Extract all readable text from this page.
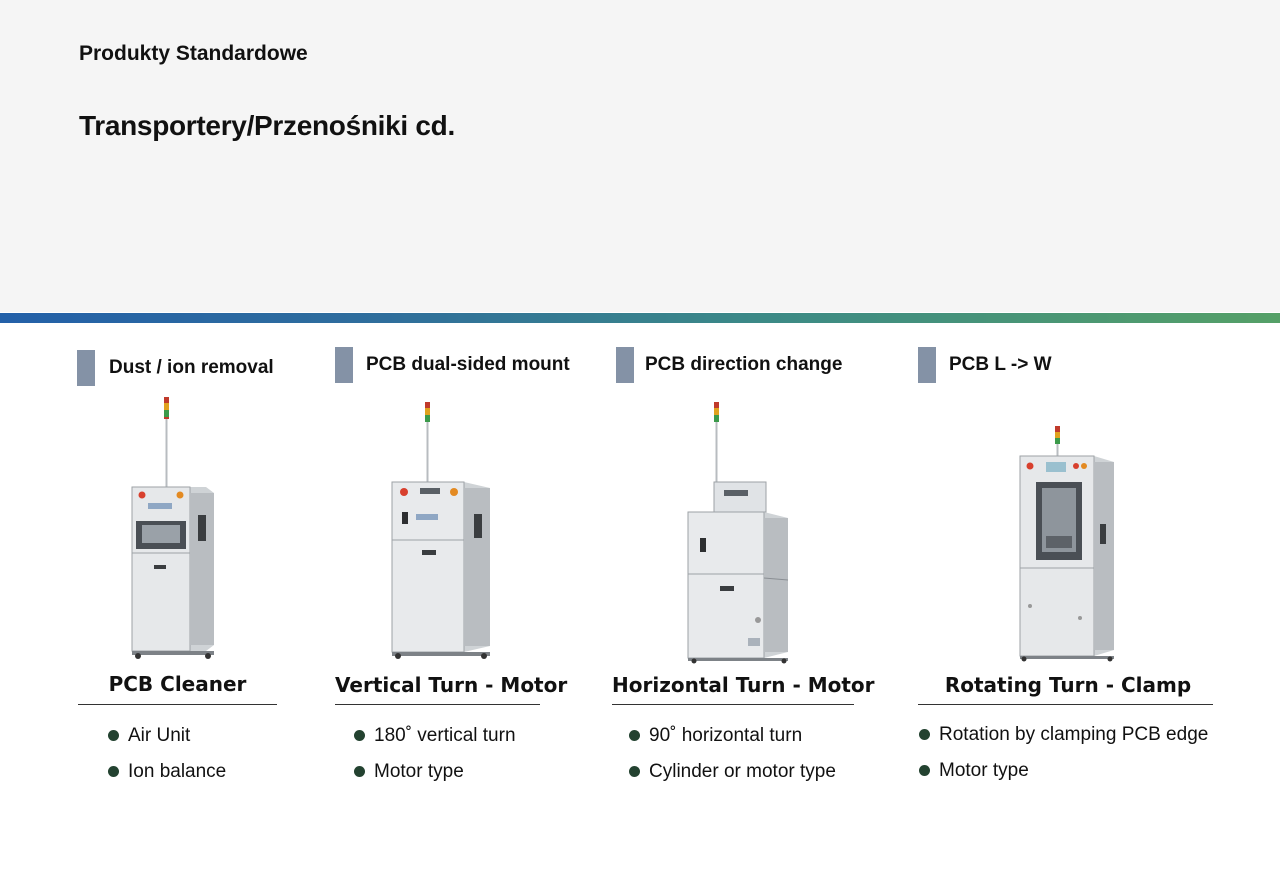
Produkty Standardowe
Transportery/Przenośniki cd.
Dust / ion removal
PCB Cleaner
Air Unit
Ion balance
PCB dual-sided mount
Vertical Turn - Motor
180˚ vertical turn
Motor type
PCB direction change
Horizontal Turn - Motor
90˚ horizontal turn
Cylinder or motor type
PCB L -> W
Rotating Turn - Clamp
Rotation by clamping PCB edge
Motor type
